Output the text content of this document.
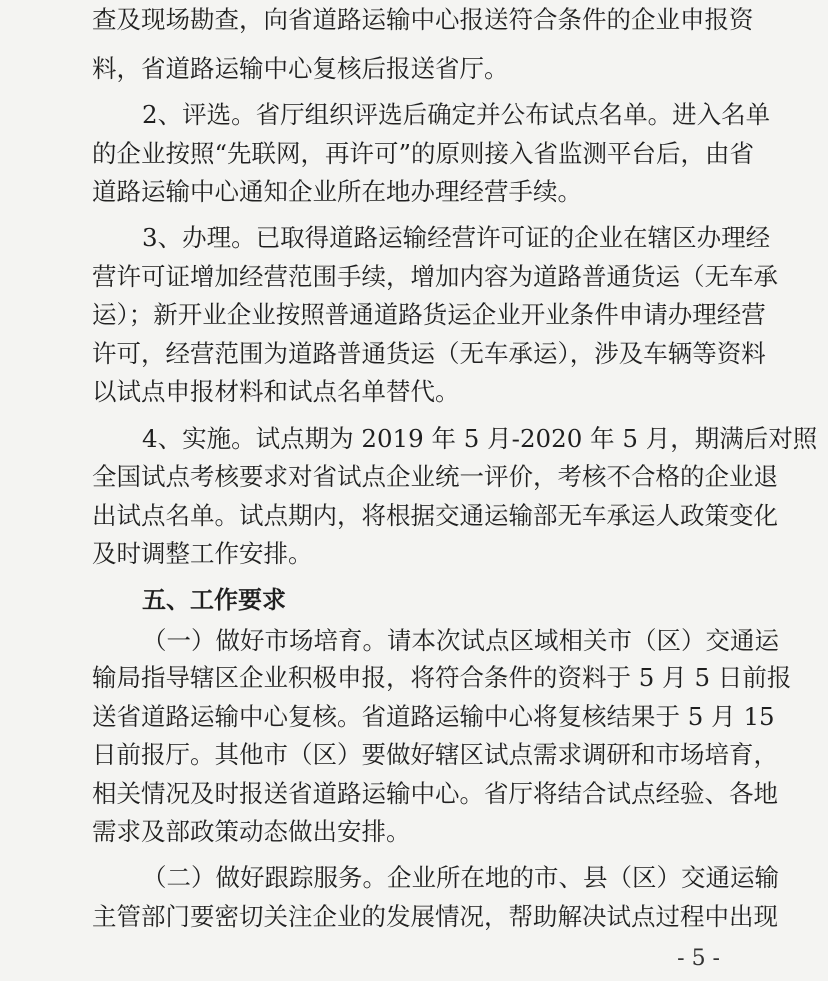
查及现场勘查，向省道路运输中心报送符合条件的企业申报资
料，省道路运输中心复核后报送省厅。
2、评选。省厅组织评选后确定并公布试点名单。进入名单
的企业按照“先联网，再许可”的原则接入省监测平台后，由省
道路运输中心通知企业所在地办理经营手续。
3、办理。已取得道路运输经营许可证的企业在辖区办理经
营许可证增加经营范围手续，增加内容为道路普通货运（无车承
运）；新开业企业按照普通道路货运企业开业条件申请办理经营
许可，经营范围为道路普通货运（无车承运），涉及车辆等资料
以试点申报材料和试点名单替代。
4、实施。试点期为 2019 年 5 月-2020 年 5 月，期满后对照
全国试点考核要求对省试点企业统一评价，考核不合格的企业退
出试点名单。试点期内，将根据交通运输部无车承运人政策变化
及时调整工作安排。
五、工作要求
（一）做好市场培育。请本次试点区域相关市（区）交通运
输局指导辖区企业积极申报，将符合条件的资料于 5 月 5 日前报
送省道路运输中心复核。省道路运输中心将复核结果于 5 月 15
日前报厅。其他市（区）要做好辖区试点需求调研和市场培育，
相关情况及时报送省道路运输中心。省厅将结合试点经验、各地
需求及部政策动态做出安排。
（二）做好跟踪服务。企业所在地的市、县（区）交通运输
主管部门要密切关注企业的发展情况，帮助解决试点过程中出现
- 5 -
